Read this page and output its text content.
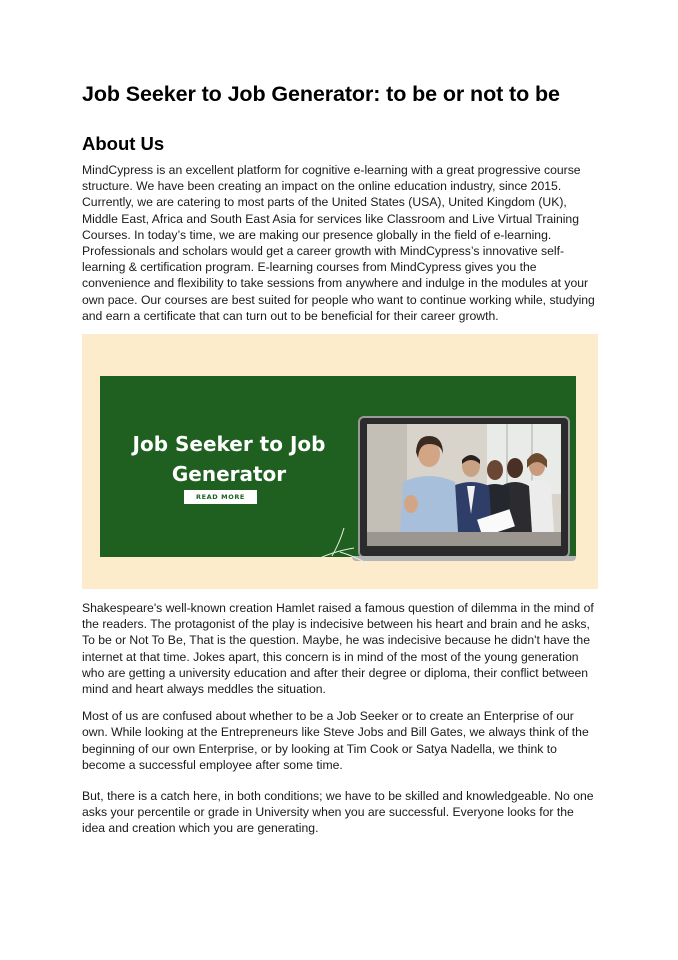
Job Seeker to Job Generator: to be or not to be
About Us

MindCypress is an excellent platform for cognitive e-learning with a great progressive course structure. We have been creating an impact on the online education industry, since 2015. Currently, we are catering to most parts of the United States (USA), United Kingdom (UK), Middle East, Africa and South East Asia for services like Classroom and Live Virtual Training Courses. In today’s time, we are making our presence globally in the field of e-learning. Professionals and scholars would get a career growth with MindCypress’s innovative self-learning & certification program. E-learning courses from MindCypress gives you the convenience and flexibility to take sessions from anywhere and indulge in the modules at your own pace. Our courses are best suited for people who want to continue working while, studying and earn a certificate that can turn out to be beneficial for their career growth.

Job Seeker to Job
Generator
READ MORE

Shakespeare's well-known creation Hamlet raised a famous question of dilemma in the mind of the readers. The protagonist of the play is indecisive between his heart and brain and he asks, To be or Not To Be, That is the question. Maybe, he was indecisive because he didn't have the internet at that time. Jokes apart, this concern is in mind of the most of the young generation who are getting a university education and after their degree or diploma, their conflict between mind and heart always meddles the situation.

Most of us are confused about whether to be a Job Seeker or to create an Enterprise of our own. While looking at the Entrepreneurs like Steve Jobs and Bill Gates, we always think of the beginning of our own Enterprise, or by looking at Tim Cook or Satya Nadella, we think to become a successful employee after some time.

But, there is a catch here, in both conditions; we have to be skilled and knowledgeable. No one asks your percentile or grade in University when you are successful. Everyone looks for the idea and creation which you are generating.
